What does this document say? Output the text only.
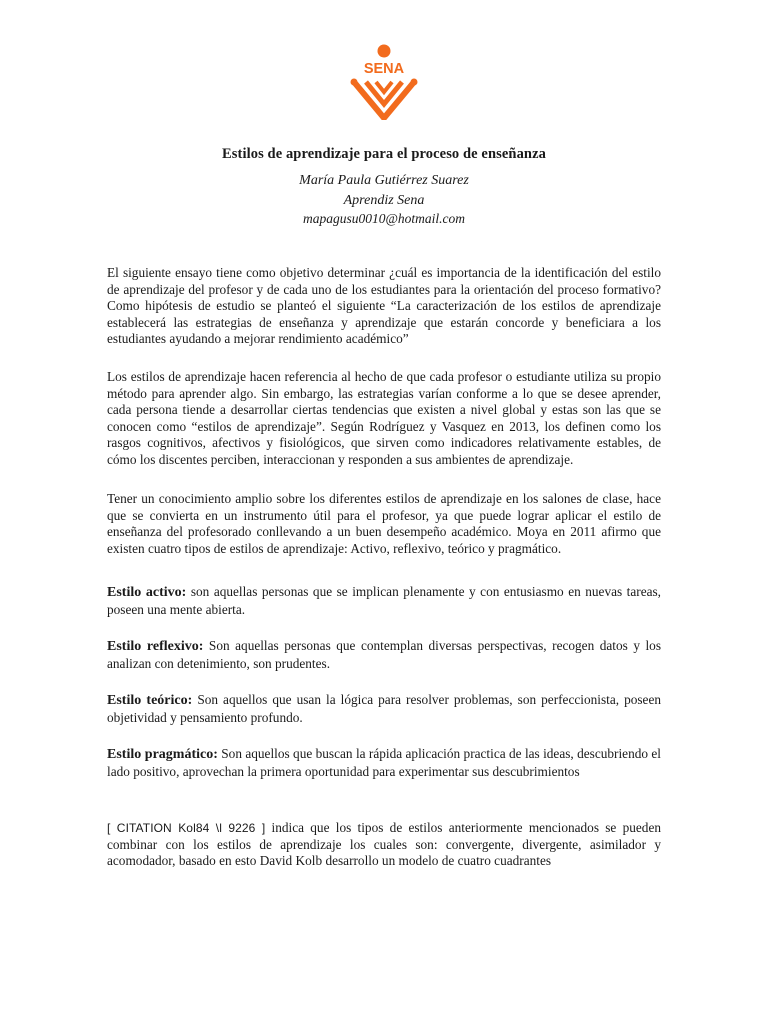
SENA
Estilos de aprendizaje para el proceso de enseñanza
María Paula Gutiérrez Suarez
Aprendiz Sena
mapagusu0010@hotmail.com

El siguiente ensayo tiene como objetivo determinar ¿cuál es importancia de la identificación del estilo de aprendizaje del profesor y de cada uno de los estudiantes para la orientación del proceso formativo? Como hipótesis de estudio se planteó el siguiente “La caracterización de los estilos de aprendizaje establecerá las estrategias de enseñanza y aprendizaje que estarán concorde y beneficiara a los estudiantes ayudando a mejorar rendimiento académico”

Los estilos de aprendizaje hacen referencia al hecho de que cada profesor o estudiante utiliza su propio método para aprender algo. Sin embargo, las estrategias varían conforme a lo que se desee aprender, cada persona tiende a desarrollar ciertas tendencias que existen a nivel global y estas son las que se conocen como “estilos de aprendizaje”. Según Rodríguez y Vasquez en 2013, los definen como los rasgos cognitivos, afectivos y fisiológicos, que sirven como indicadores relativamente estables, de cómo los discentes perciben, interaccionan y responden a sus ambientes de aprendizaje.

Tener un conocimiento amplio sobre los diferentes estilos de aprendizaje en los salones de clase, hace que se convierta en un instrumento útil para el profesor, ya que puede lograr aplicar el estilo de enseñanza del profesorado conllevando a un buen desempeño académico. Moya en 2011 afirmo que existen cuatro tipos de estilos de aprendizaje: Activo, reflexivo, teórico y pragmático.

Estilo activo: son aquellas personas que se implican plenamente y con entusiasmo en nuevas tareas, poseen una mente abierta.

Estilo reflexivo: Son aquellas personas que contemplan diversas perspectivas, recogen datos y los analizan con detenimiento, son prudentes.

Estilo teórico: Son aquellos que usan la lógica para resolver problemas, son perfeccionista, poseen objetividad y pensamiento profundo.

Estilo pragmático: Son aquellos que buscan la rápida aplicación practica de las ideas, descubriendo el lado positivo, aprovechan la primera oportunidad para experimentar sus descubrimientos

[ CITATION Kol84 \l 9226 ] indica que los tipos de estilos anteriormente mencionados se pueden combinar con los estilos de aprendizaje los cuales son: convergente, divergente, asimilador y acomodador, basado en esto David Kolb desarrollo un modelo de cuatro cuadrantes
